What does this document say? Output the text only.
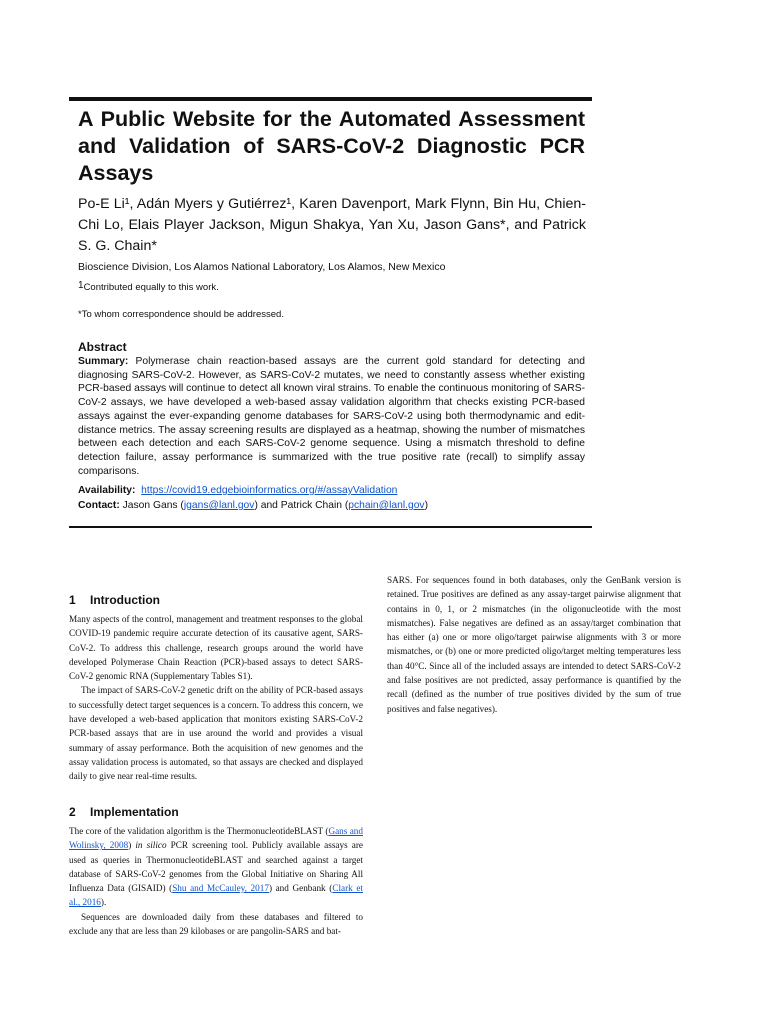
A Public Website for the Automated Assessment and Validation of SARS-CoV-2 Diagnostic PCR Assays

Po-E Li¹, Adán Myers y Gutiérrez¹, Karen Davenport, Mark Flynn, Bin Hu, Chien-Chi Lo, Elais Player Jackson, Migun Shakya, Yan Xu, Jason Gans*, and Patrick S. G. Chain*

Bioscience Division, Los Alamos National Laboratory, Los Alamos, New Mexico

$^1$Contributed equally to this work.

*To whom correspondence should be addressed.

Abstract

Summary: Polymerase chain reaction-based assays are the current gold standard for detecting and diagnosing SARS-CoV-2. However, as SARS-CoV-2 mutates, we need to constantly assess whether existing PCR-based assays will continue to detect all known viral strains. To enable the continuous monitoring of SARS-CoV-2 assays, we have developed a web-based assay validation algorithm that checks existing PCR-based assays against the ever-expanding genome databases for SARS-CoV-2 using both thermodynamic and edit-distance metrics. The assay screening results are displayed as a heatmap, showing the number of mismatches between each detection and each SARS-CoV-2 genome sequence. Using a mismatch threshold to define detection failure, assay performance is summarized with the true positive rate (recall) to simplify assay comparisons.

Availability: https://covid19.edgebioinformatics.org/#/assayValidation

Contact: Jason Gans (jgans@lanl.gov) and Patrick Chain (pchain@lanl.gov)

1 Introduction

Many aspects of the control, management and treatment responses to the global COVID-19 pandemic require accurate detection of its causative agent, SARS-CoV-2. To address this challenge, research groups around the world have developed Polymerase Chain Reaction (PCR)-based assays to detect SARS-CoV-2 genomic RNA (Supplementary Tables S1).

The impact of SARS-CoV-2 genetic drift on the ability of PCR-based assays to successfully detect target sequences is a concern. To address this concern, we have developed a web-based application that monitors existing SARS-CoV-2 PCR-based assays that are in use around the world and provides a visual summary of assay performance. Both the acquisition of new genomes and the assay validation process is automated, so that assays are checked and displayed daily to give near real-time results.

2 Implementation

The core of the validation algorithm is the ThermonucleotideBLAST (Gans and Wolinsky, 2008) in silico PCR screening tool. Publicly available assays are used as queries in ThermonucleotideBLAST and searched against a target database of SARS-CoV-2 genomes from the Global Initiative on Sharing All Influenza Data (GISAID) (Shu and McCauley, 2017) and Genbank (Clark et al., 2016).

Sequences are downloaded daily from these databases and filtered to exclude any that are less than 29 kilobases or are pangolin-SARS and bat-

SARS. For sequences found in both databases, only the GenBank version is retained. True positives are defined as any assay-target pairwise alignment that contains in 0, 1, or 2 mismatches (in the oligonucleotide with the most mismatches). False negatives are defined as an assay/target combination that has either (a) one or more oligo/target pairwise alignments with 3 or more mismatches, or (b) one or more predicted oligo/target melting temperatures less than 40°C. Since all of the included assays are intended to detect SARS-CoV-2 and false positives are not predicted, assay performance is quantified by the recall (defined as the number of true positives divided by the sum of true positives and false negatives).
